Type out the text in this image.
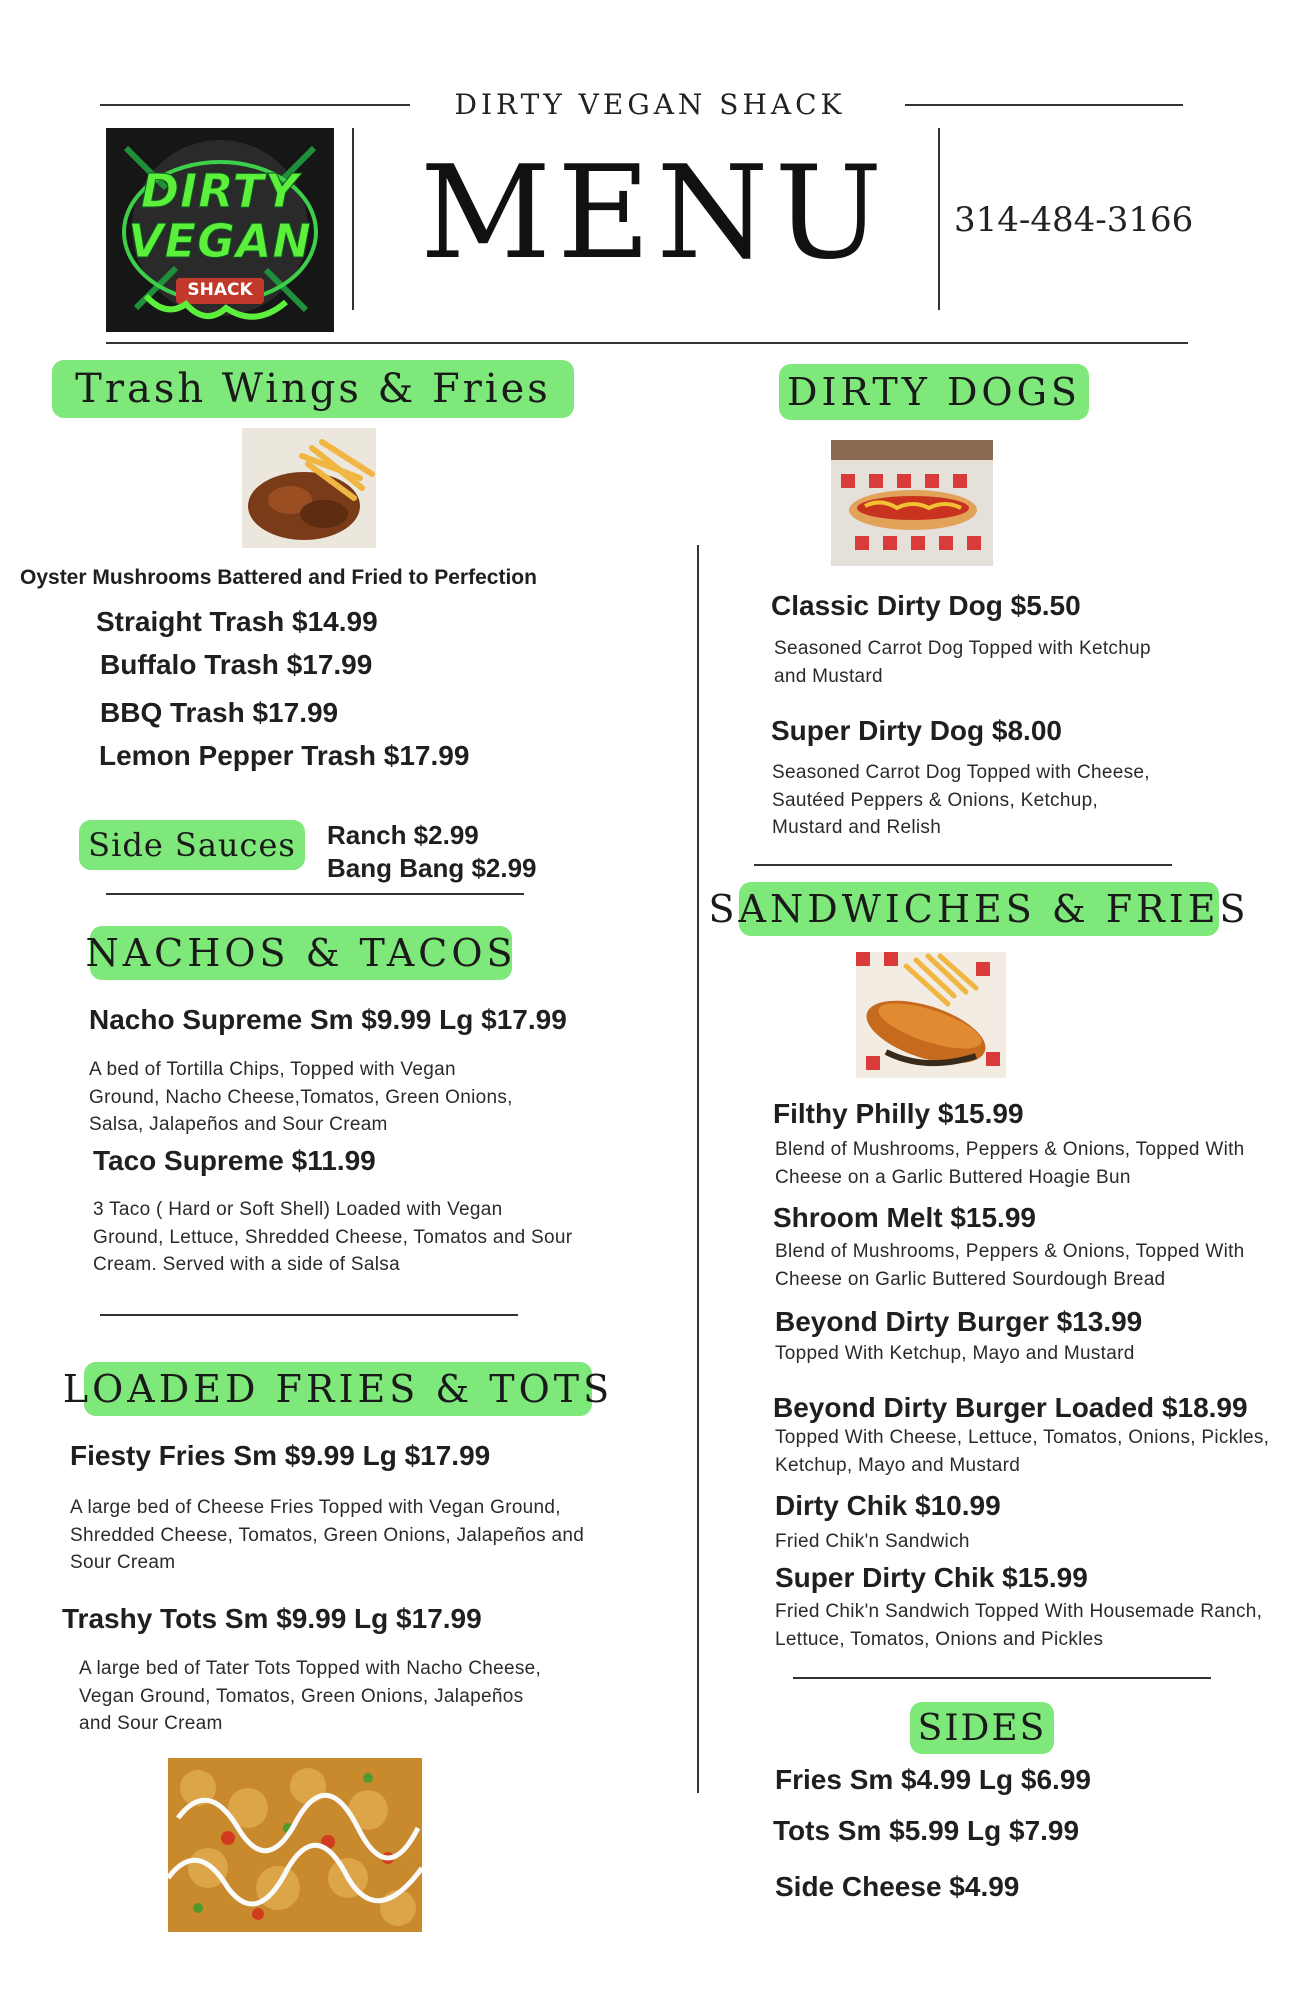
DIRTY VEGAN SHACK
DIRTY
VEGAN
SHACK
MENU 314-484-3166
Trash Wings & Fries
Oyster Mushrooms Battered and Fried to Perfection
Straight Trash $14.99
Buffalo Trash $17.99
BBQ Trash $17.99
Lemon Pepper Trash $17.99
Side Sauces	Ranch $2.99
Bang Bang $2.99
NACHOS & TACOS
Nacho Supreme Sm $9.99 Lg $17.99
A bed of Tortilla Chips, Topped with Vegan Ground, Nacho Cheese,Tomatos, Green Onions, Salsa, Jalapeños and Sour Cream
Taco Supreme $11.99
3 Taco ( Hard or Soft Shell) Loaded with Vegan Ground, Lettuce, Shredded Cheese, Tomatos and Sour Cream. Served with a side of Salsa
LOADED FRIES & TOTS
Fiesty Fries Sm $9.99 Lg $17.99
A large bed of Cheese Fries Topped with Vegan Ground, Shredded Cheese, Tomatos, Green Onions, Jalapeños and Sour Cream
Trashy Tots Sm $9.99 Lg $17.99
A large bed of Tater Tots Topped with Nacho Cheese, Vegan Ground, Tomatos, Green Onions, Jalapeños and Sour Cream
DIRTY DOGS
Classic Dirty Dog $5.50
Seasoned Carrot Dog Topped with Ketchup and Mustard
Super Dirty Dog $8.00
Seasoned Carrot Dog Topped with Cheese, Sautéed Peppers & Onions, Ketchup, Mustard and Relish
SANDWICHES & FRIES
Filthy Philly $15.99
Blend of Mushrooms, Peppers & Onions, Topped With Cheese on a Garlic Buttered Hoagie Bun
Shroom Melt $15.99
Blend of Mushrooms, Peppers & Onions, Topped With Cheese on Garlic Buttered Sourdough Bread
Beyond Dirty Burger $13.99
Topped With Ketchup, Mayo and Mustard
Beyond Dirty Burger Loaded $18.99
Topped With Cheese, Lettuce, Tomatos, Onions, Pickles, Ketchup, Mayo and Mustard
Dirty Chik $10.99
Fried Chik'n Sandwich
Super Dirty Chik $15.99
Fried Chik'n Sandwich Topped With Housemade Ranch, Lettuce, Tomatos, Onions and Pickles
SIDES
Fries Sm $4.99 Lg $6.99
Tots Sm $5.99 Lg $7.99
Side Cheese $4.99
